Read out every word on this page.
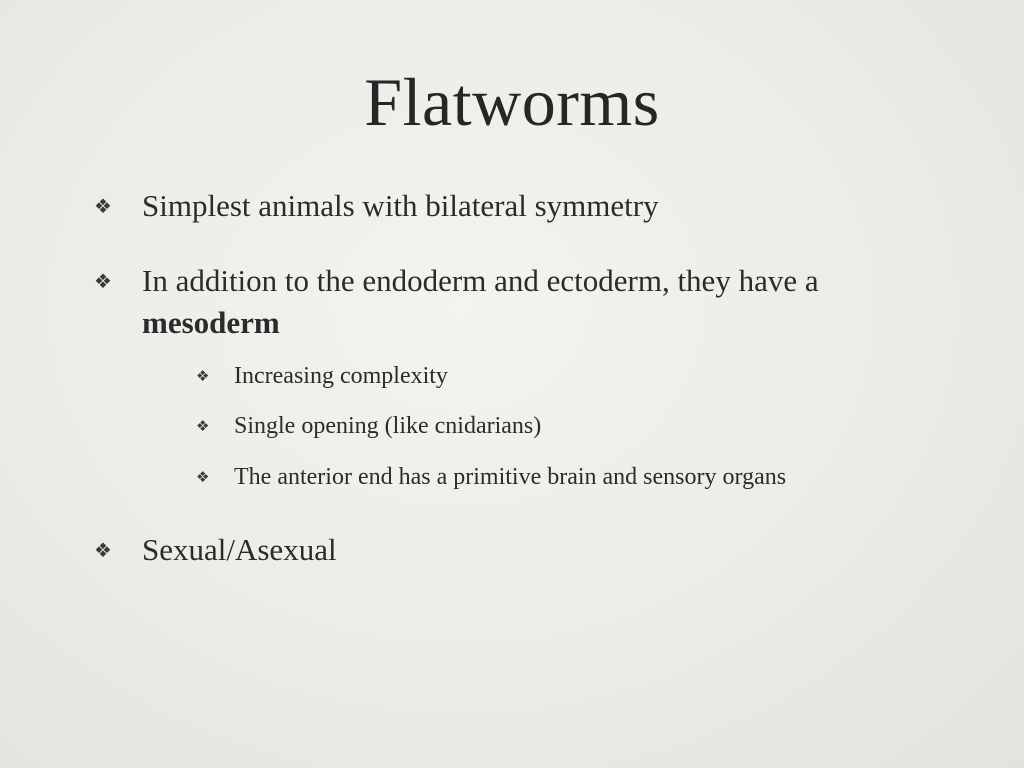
Flatworms
❖ Simplest animals with bilateral symmetry
❖ In addition to the endoderm and ectoderm, they have a mesoderm
❖ Increasing complexity
❖ Single opening (like cnidarians)
❖ The anterior end has a primitive brain and sensory organs
❖ Sexual/Asexual
